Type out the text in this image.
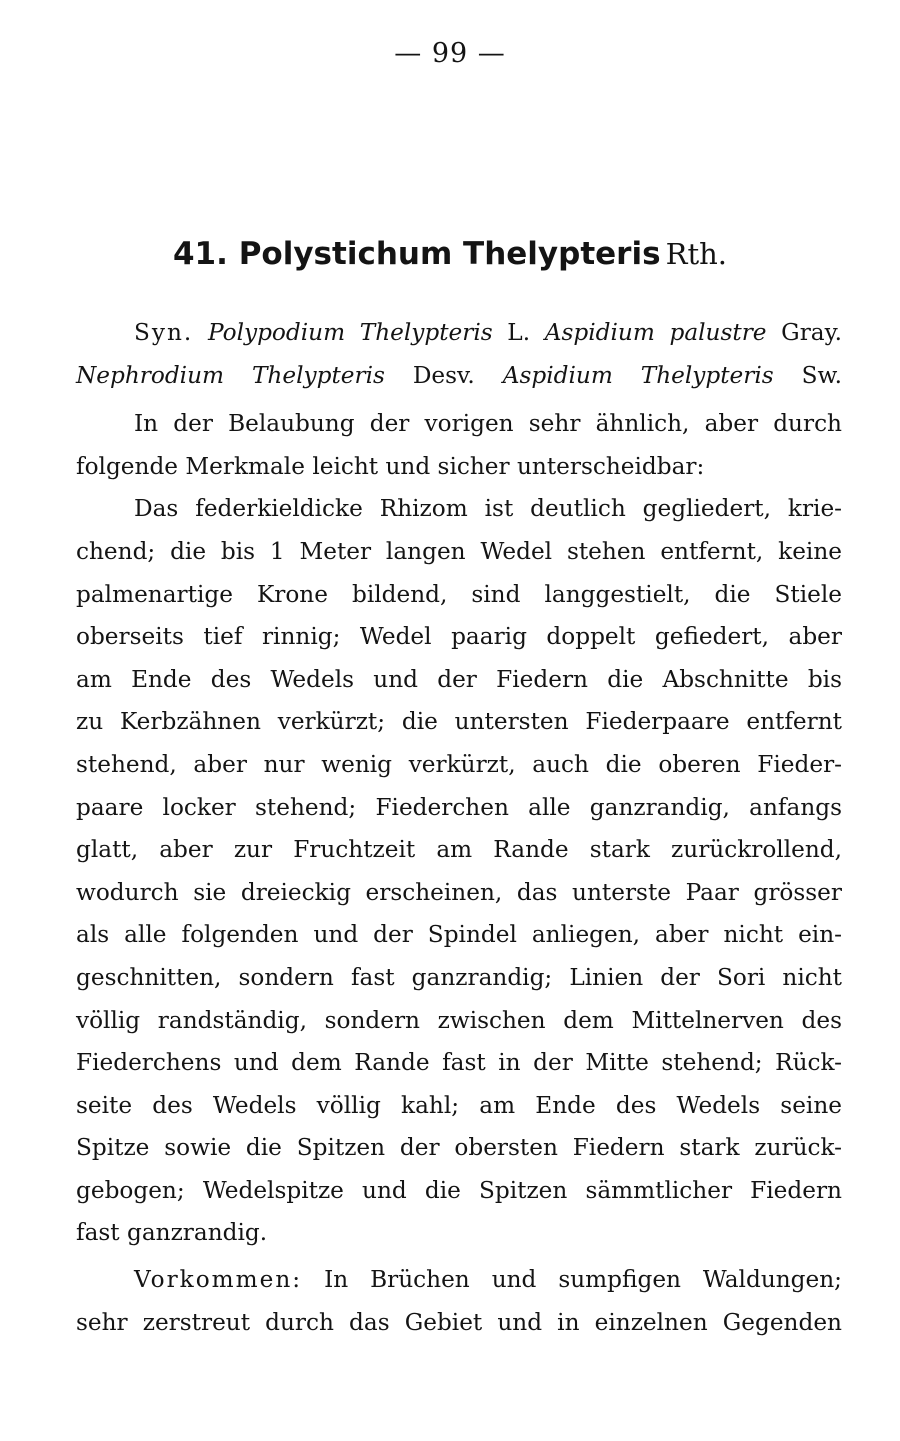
— 99 —
41. Polystichum Thelypteris Rth.
Syn. Polypodium Thelypteris L. Aspidium palustre Gray.
Nephrodium Thelypteris Desv. Aspidium Thelypteris Sw.
In der Belaubung der vorigen sehr ähnlich, aber durch
folgende Merkmale leicht und sicher unterscheidbar:
Das federkieldicke Rhizom ist deutlich gegliedert, krie-
chend; die bis 1 Meter langen Wedel stehen entfernt, keine
palmenartige Krone bildend, sind langgestielt, die Stiele
oberseits tief rinnig; Wedel paarig doppelt gefiedert, aber
am Ende des Wedels und der Fiedern die Abschnitte bis
zu Kerbzähnen verkürzt; die untersten Fiederpaare entfernt
stehend, aber nur wenig verkürzt, auch die oberen Fieder-
paare locker stehend; Fiederchen alle ganzrandig, anfangs
glatt, aber zur Fruchtzeit am Rande stark zurückrollend,
wodurch sie dreieckig erscheinen, das unterste Paar grösser
als alle folgenden und der Spindel anliegen, aber nicht ein-
geschnitten, sondern fast ganzrandig; Linien der Sori nicht
völlig randständig, sondern zwischen dem Mittelnerven des
Fiederchens und dem Rande fast in der Mitte stehend; Rück-
seite des Wedels völlig kahl; am Ende des Wedels seine
Spitze sowie die Spitzen der obersten Fiedern stark zurück-
gebogen; Wedelspitze und die Spitzen sämmtlicher Fiedern
fast ganzrandig.
Vorkommen: In Brüchen und sumpfigen Waldungen;
sehr zerstreut durch das Gebiet und in einzelnen Gegenden
